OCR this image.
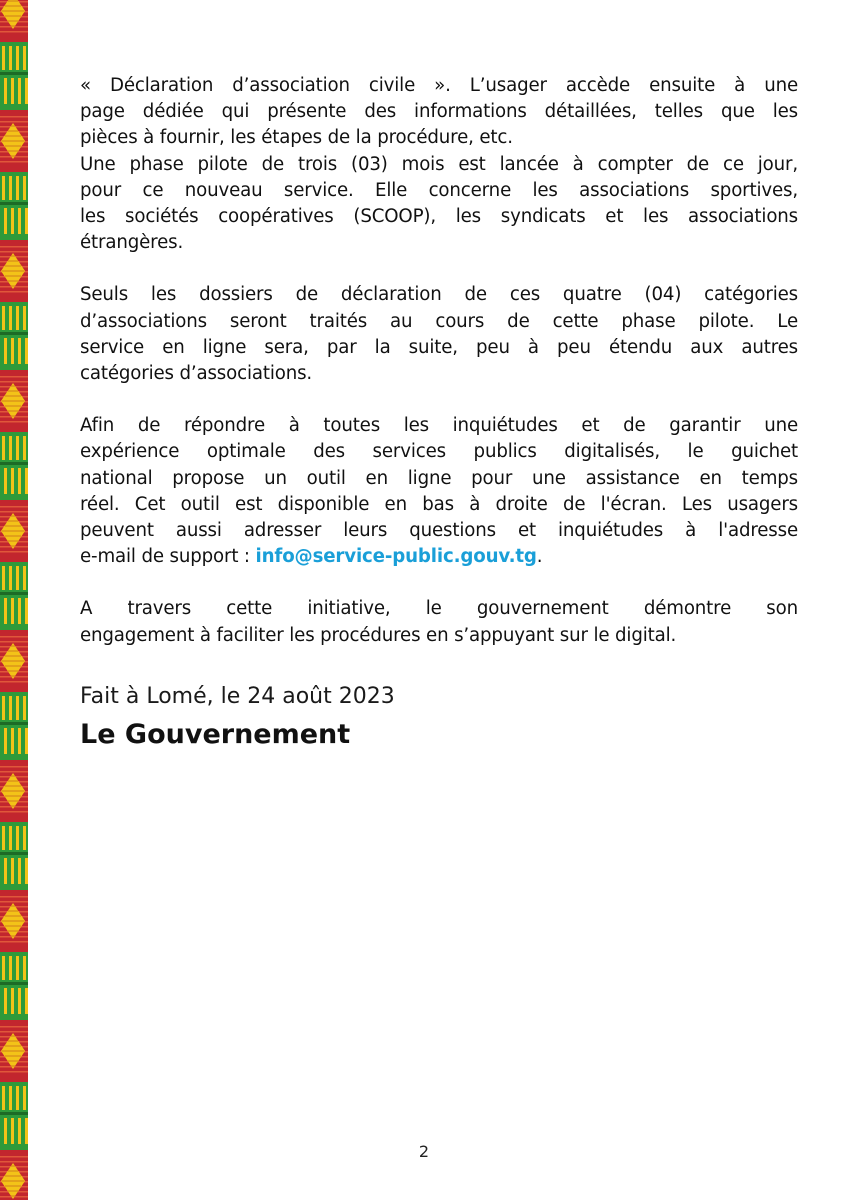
« Déclaration d’association civile ». L’usager accède ensuite à une
page dédiée qui présente des informations détaillées, telles que les
pièces à fournir, les étapes de la procédure, etc.
Une phase pilote de trois (03) mois est lancée à compter de ce jour,
pour ce nouveau service. Elle concerne les associations sportives,
les sociétés coopératives (SCOOP), les syndicats et les associations
étrangères.

Seuls les dossiers de déclaration de ces quatre (04) catégories
d’associations seront traités au cours de cette phase pilote. Le
service en ligne sera, par la suite, peu à peu étendu aux autres
catégories d’associations.

Afin de répondre à toutes les inquiétudes et de garantir une
expérience optimale des services publics digitalisés, le guichet
national propose un outil en ligne pour une assistance en temps
réel. Cet outil est disponible en bas à droite de l'écran. Les usagers
peuvent aussi adresser leurs questions et inquiétudes à l'adresse
e-mail de support : info@service-public.gouv.tg.

A travers cette initiative, le gouvernement démontre son
engagement à faciliter les procédures en s’appuyant sur le digital.

Fait à Lomé, le 24 août 2023

Le Gouvernement

2
